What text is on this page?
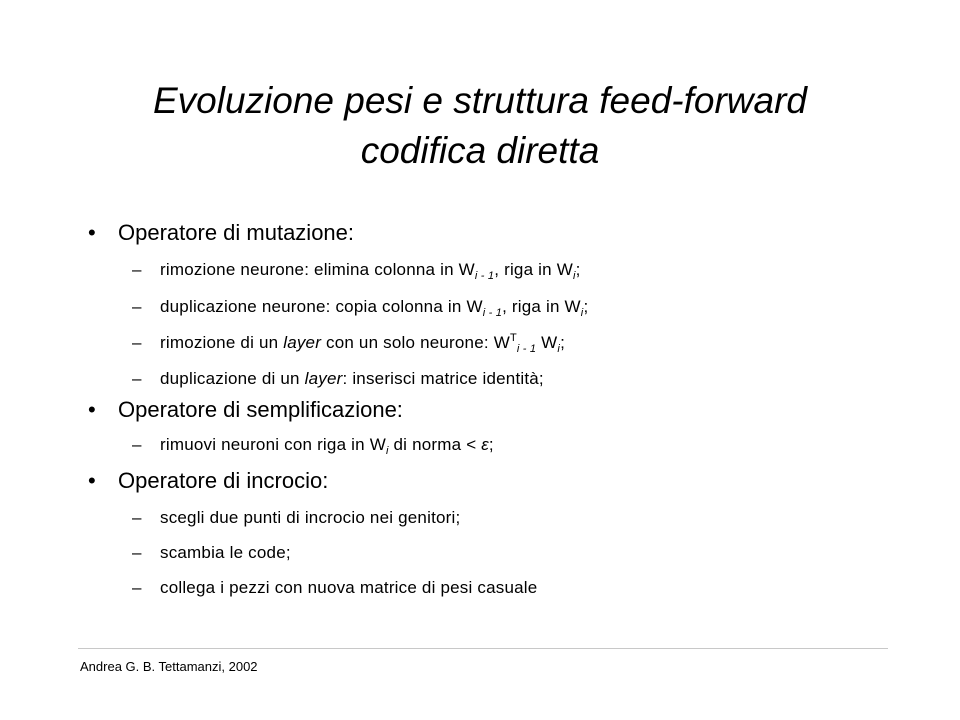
Evoluzione pesi e struttura feed-forward
codifica diretta
• Operatore di mutazione:
– rimozione neurone: elimina colonna in $W_{i - 1}$, riga in $W_i$;
– duplicazione neurone: copia colonna in $W_{i - 1}$, riga in $W_i$;
– rimozione di un layer con un solo neurone: $W^T_{i - 1}$ $W_i$;
– duplicazione di un layer: inserisci matrice identità;
• Operatore di semplificazione:
– rimuovi neuroni con riga in $W_i$ di norma < ε;
• Operatore di incrocio:
– scegli due punti di incrocio nei genitori;
– scambia le code;
– collega i pezzi con nuova matrice di pesi casuale
Andrea G. B. Tettamanzi, 2002
